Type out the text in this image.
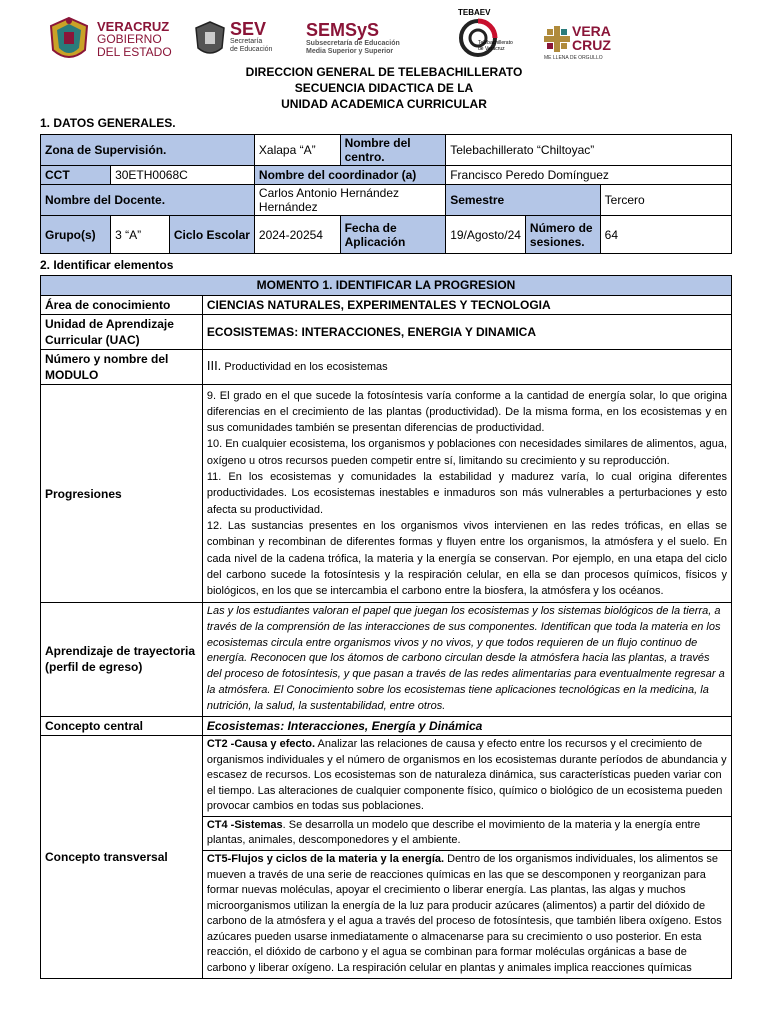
VERACRUZ
GOBIERNO
DEL ESTADO
SEV
Secretaría
de Educación
SEMSyS
Subsecretaría de Educación
Media Superior y Superior
TEBAEV
Telebachillerato de Veracruz
VERA
CRUZ
ME LLENA DE ORGULLO
DIRECCION GENERAL DE TELEBACHILLERATO
SECUENCIA DIDACTICA DE LA
UNIDAD ACADEMICA CURRICULAR
1. DATOS GENERALES.
Zona de Supervisión.			Xalapa “A”	Nombre del centro.	Telebachillerato “Chiltoyac”		
CCT	30ETH0068C		Nombre del coordinador (a)		Francisco Peredo Domínguez		
Nombre del Docente.			Carlos Antonio Hernández Hernández		Semestre		Tercero
Grupo(s)	3 “A”	Ciclo Escolar	2024-20254	Fecha de Aplicación	19/Agosto/24	Número de sesiones.	64
2. Identificar elementos
MOMENTO 1. IDENTIFICAR LA PROGRESION	
Área de conocimiento	CIENCIAS NATURALES, EXPERIMENTALES Y TECNOLOGIA
Unidad de Aprendizaje Curricular (UAC)	ECOSISTEMAS: INTERACCIONES, ENERGIA Y DINAMICA
Número y nombre del MODULO	III. Productividad en los ecosistemas
Progresiones	9. El grado en el que sucede la fotosíntesis varía conforme a la cantidad de energía solar, lo que origina diferencias en el crecimiento de las plantas (productividad). De la misma forma, en los ecosistemas y en sus comunidades también se presentan diferencias de productividad.
10. En cualquier ecosistema, los organismos y poblaciones con necesidades similares de alimentos, agua, oxígeno u otros recursos pueden competir entre sí, limitando su crecimiento y su reproducción.
11. En los ecosistemas y comunidades la estabilidad y madurez varía, lo cual origina diferentes productividades. Los ecosistemas inestables e inmaduros son más vulnerables a perturbaciones y esto afecta su productividad.
12. Las sustancias presentes en los organismos vivos intervienen en las redes tróficas, en ellas se combinan y recombinan de diferentes formas y fluyen entre los organismos, la atmósfera y el suelo. En cada nivel de la cadena trófica, la materia y la energía se conservan. Por ejemplo, en una etapa del ciclo del carbono sucede la fotosíntesis y la respiración celular, en ella se dan procesos químicos, físicos y biológicos, en los que se intercambia el carbono entre la biosfera, la atmósfera y los océanos.

Aprendizaje de trayectoria (perfil de egreso)	Las y los estudiantes valoran el papel que juegan los ecosistemas y los sistemas biológicos de la tierra, a través de la comprensión de las interacciones de sus componentes. Identifican que toda la materia en los ecosistemas circula entre organismos vivos y no vivos, y que todos requieren de un flujo continuo de energía. Reconocen que los átomos de carbono circulan desde la atmósfera hacia las plantas, a través del proceso de fotosíntesis, y que pasan a través de las redes alimentarias para eventualmente regresar a la atmósfera. El Conocimiento sobre los ecosistemas tiene aplicaciones tecnológicas en la medicina, la nutrición, la salud, la sustentabilidad, entre otros.
Concepto central	Ecosistemas: Interacciones, Energía y Dinámica
Concepto transversal	CT2 -Causa y efecto. Analizar las relaciones de causa y efecto entre los recursos y el crecimiento de organismos individuales y el número de organismos en los ecosistemas durante períodos de abundancia y escasez de recursos. Los ecosistemas son de naturaleza dinámica, sus características pueden variar con el tiempo. Las alteraciones de cualquier componente físico, químico o biológico de un ecosistema pueden provocar cambios en todas sus poblaciones.
	CT4 -Sistemas. Se desarrolla un modelo que describe el movimiento de la materia y la energía entre plantas, animales, descomponedores y el ambiente.
	CT5-Flujos y ciclos de la materia y la energía. Dentro de los organismos individuales, los alimentos se mueven a través de una serie de reacciones químicas en las que se descomponen y reorganizan para formar nuevas moléculas, apoyar el crecimiento o liberar energía. Las plantas, las algas y muchos microorganismos utilizan la energía de la luz para producir azúcares (alimentos) a partir del dióxido de carbono de la atmósfera y el agua a través del proceso de fotosíntesis, que también libera oxígeno. Estos azúcares pueden usarse inmediatamente o almacenarse para su crecimiento o uso posterior. En esta reacción, el dióxido de carbono y el agua se combinan para formar moléculas orgánicas a base de carbono y liberar oxígeno. La respiración celular en plantas y animales implica reacciones químicas
